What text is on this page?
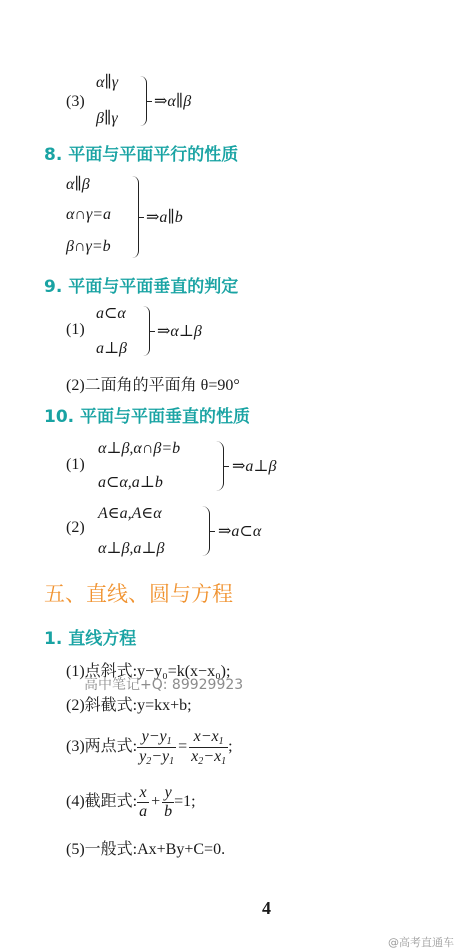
(3)
α∥γ
β∥γ
⇒α∥β
8. 平面与平面平行的性质
α∥β
α∩γ=a
β∩γ=b
⇒a∥b
9. 平面与平面垂直的判定
(1)
a⊂α
a⊥β
⇒α⊥β
(2)二面角的平面角 θ=90°
10. 平面与平面垂直的性质
(1)
α⊥β,α∩β=b
a⊂α,a⊥b
⇒a⊥β
(2)
A∈a,A∈α
α⊥β,a⊥β
⇒a⊂α
五、直线、圆与方程
1. 直线方程
(1)点斜式:y−y₀=k(x−x₀);
高中笔记+Q: 89929923
(2)斜截式:y=kx+b;
(3)两点式: $\frac{y-y_1}{y_2-y_1} = \frac{x-x_1}{x_2-x_1}$ ;
(4)截距式: $\frac{x}{a} + \frac{y}{b} =1$;
(5)一般式:Ax+By+C=0.
4
@高考直通车
